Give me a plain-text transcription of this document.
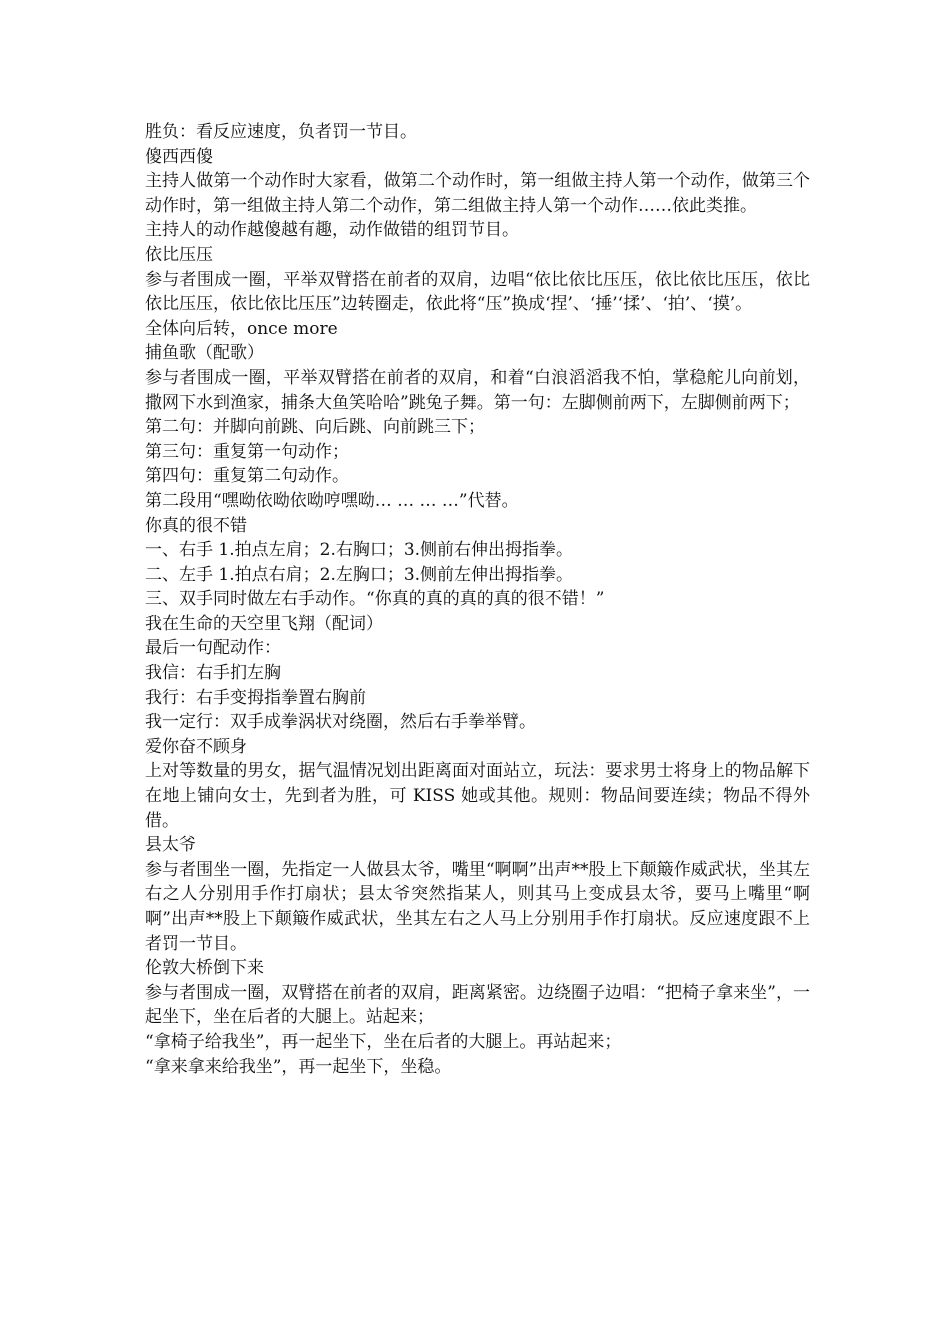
胜负：看反应速度，负者罚一节目。
傻西西傻
主持人做第一个动作时大家看，做第二个动作时，第一组做主持人第一个动作，做第三个动作时，第一组做主持人第二个动作，第二组做主持人第一个动作……依此类推。
主持人的动作越傻越有趣，动作做错的组罚节目。
依比压压
参与者围成一圈，平举双臂搭在前者的双肩，边唱“依比依比压压，依比依比压压，依比依比压压，依比依比压压”边转圈走，依此将“压”换成‘捏’、‘捶’‘揉’、‘拍’、‘摸’。
全体向后转，once more
捕鱼歌（配歌）
参与者围成一圈，平举双臂搭在前者的双肩，和着“白浪滔滔我不怕，掌稳舵儿向前划，撒网下水到渔家，捕条大鱼笑哈哈”跳兔子舞。第一句：左脚侧前两下，左脚侧前两下；
第二句：并脚向前跳、向后跳、向前跳三下；
第三句：重复第一句动作；
第四句：重复第二句动作。
第二段用“嘿呦依呦依呦哼嘿呦… … … …”代替。
你真的很不错
一、右手 1.拍点左肩；2.右胸口；3.侧前右伸出拇指拳。
二、左手 1.拍点右肩；2.左胸口；3.侧前左伸出拇指拳。
三、双手同时做左右手动作。“你真的真的真的真的很不错！”
我在生命的天空里飞翔（配词）
最后一句配动作：
我信：右手扪左胸
我行：右手变拇指拳置右胸前
我一定行：双手成拳涡状对绕圈，然后右手拳举臂。
爱你奋不顾身
上对等数量的男女，据气温情况划出距离面对面站立，玩法：要求男士将身上的物品解下在地上铺向女士，先到者为胜，可 KISS 她或其他。规则：物品间要连续；物品不得外借。
县太爷
参与者围坐一圈，先指定一人做县太爷，嘴里“啊啊”出声**股上下颠簸作威武状，坐其左右之人分别用手作打扇状；县太爷突然指某人，则其马上变成县太爷，要马上嘴里“啊啊”出声**股上下颠簸作威武状，坐其左右之人马上分别用手作打扇状。反应速度跟不上者罚一节目。
伦敦大桥倒下来
参与者围成一圈，双臂搭在前者的双肩，距离紧密。边绕圈子边唱：“把椅子拿来坐”，一起坐下，坐在后者的大腿上。站起来；
“拿椅子给我坐”，再一起坐下，坐在后者的大腿上。再站起来；
“拿来拿来给我坐”，再一起坐下，坐稳。
